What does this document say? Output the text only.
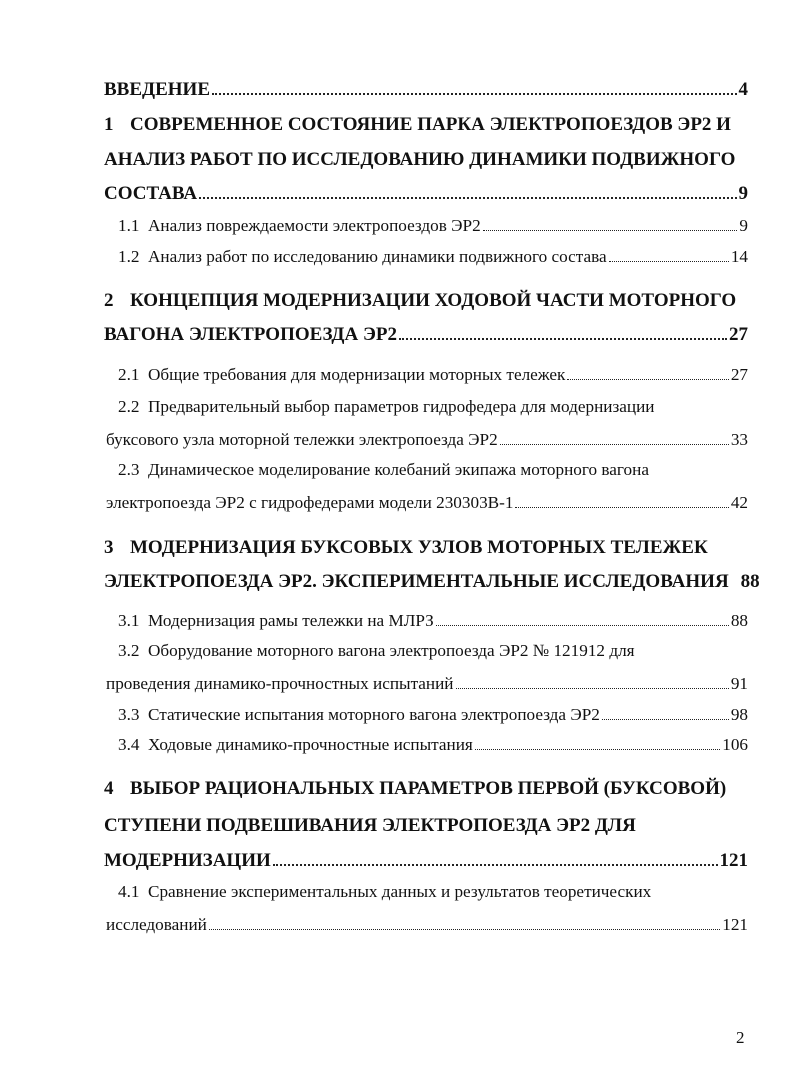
ВВЕДЕНИЕ	4
1 СОВРЕМЕННОЕ СОСТОЯНИЕ ПАРКА ЭЛЕКТРОПОЕЗДОВ ЭР2 И
АНАЛИЗ РАБОТ ПО ИССЛЕДОВАНИЮ ДИНАМИКИ ПОДВИЖНОГО
СОСТАВА	9
1.1 Анализ повреждаемости электропоездов ЭР2	9
1.2 Анализ работ по исследованию динамики подвижного состава	14
2 КОНЦЕПЦИЯ МОДЕРНИЗАЦИИ ХОДОВОЙ ЧАСТИ МОТОРНОГО
ВАГОНА ЭЛЕКТРОПОЕЗДА ЭР2	27
2.1 Общие требования для модернизации моторных тележек	27
2.2 Предварительный выбор параметров гидрофедера для модернизации
буксового узла моторной тележки электропоезда ЭР2	33
2.3 Динамическое моделирование колебаний экипажа моторного вагона
электропоезда ЭР2 с гидрофедерами модели 230303В-1	42
3 МОДЕРНИЗАЦИЯ БУКСОВЫХ УЗЛОВ МОТОРНЫХ ТЕЛЕЖЕК
ЭЛЕКТРОПОЕЗДА ЭР2. ЭКСПЕРИМЕНТАЛЬНЫЕ ИССЛЕДОВАНИЯ 88
3.1 Модернизация рамы тележки на МЛРЗ	88
3.2 Оборудование моторного вагона электропоезда ЭР2 № 121912 для
проведения динамико-прочностных испытаний	91
3.3 Статические испытания моторного вагона электропоезда ЭР2	98
3.4 Ходовые динамико-прочностные испытания	106
4 ВЫБОР РАЦИОНАЛЬНЫХ ПАРАМЕТРОВ ПЕРВОЙ (БУКСОВОЙ)
СТУПЕНИ ПОДВЕШИВАНИЯ ЭЛЕКТРОПОЕЗДА ЭР2 ДЛЯ
МОДЕРНИЗАЦИИ	121
4.1 Сравнение экспериментальных данных и результатов теоретических
исследований	121
2
